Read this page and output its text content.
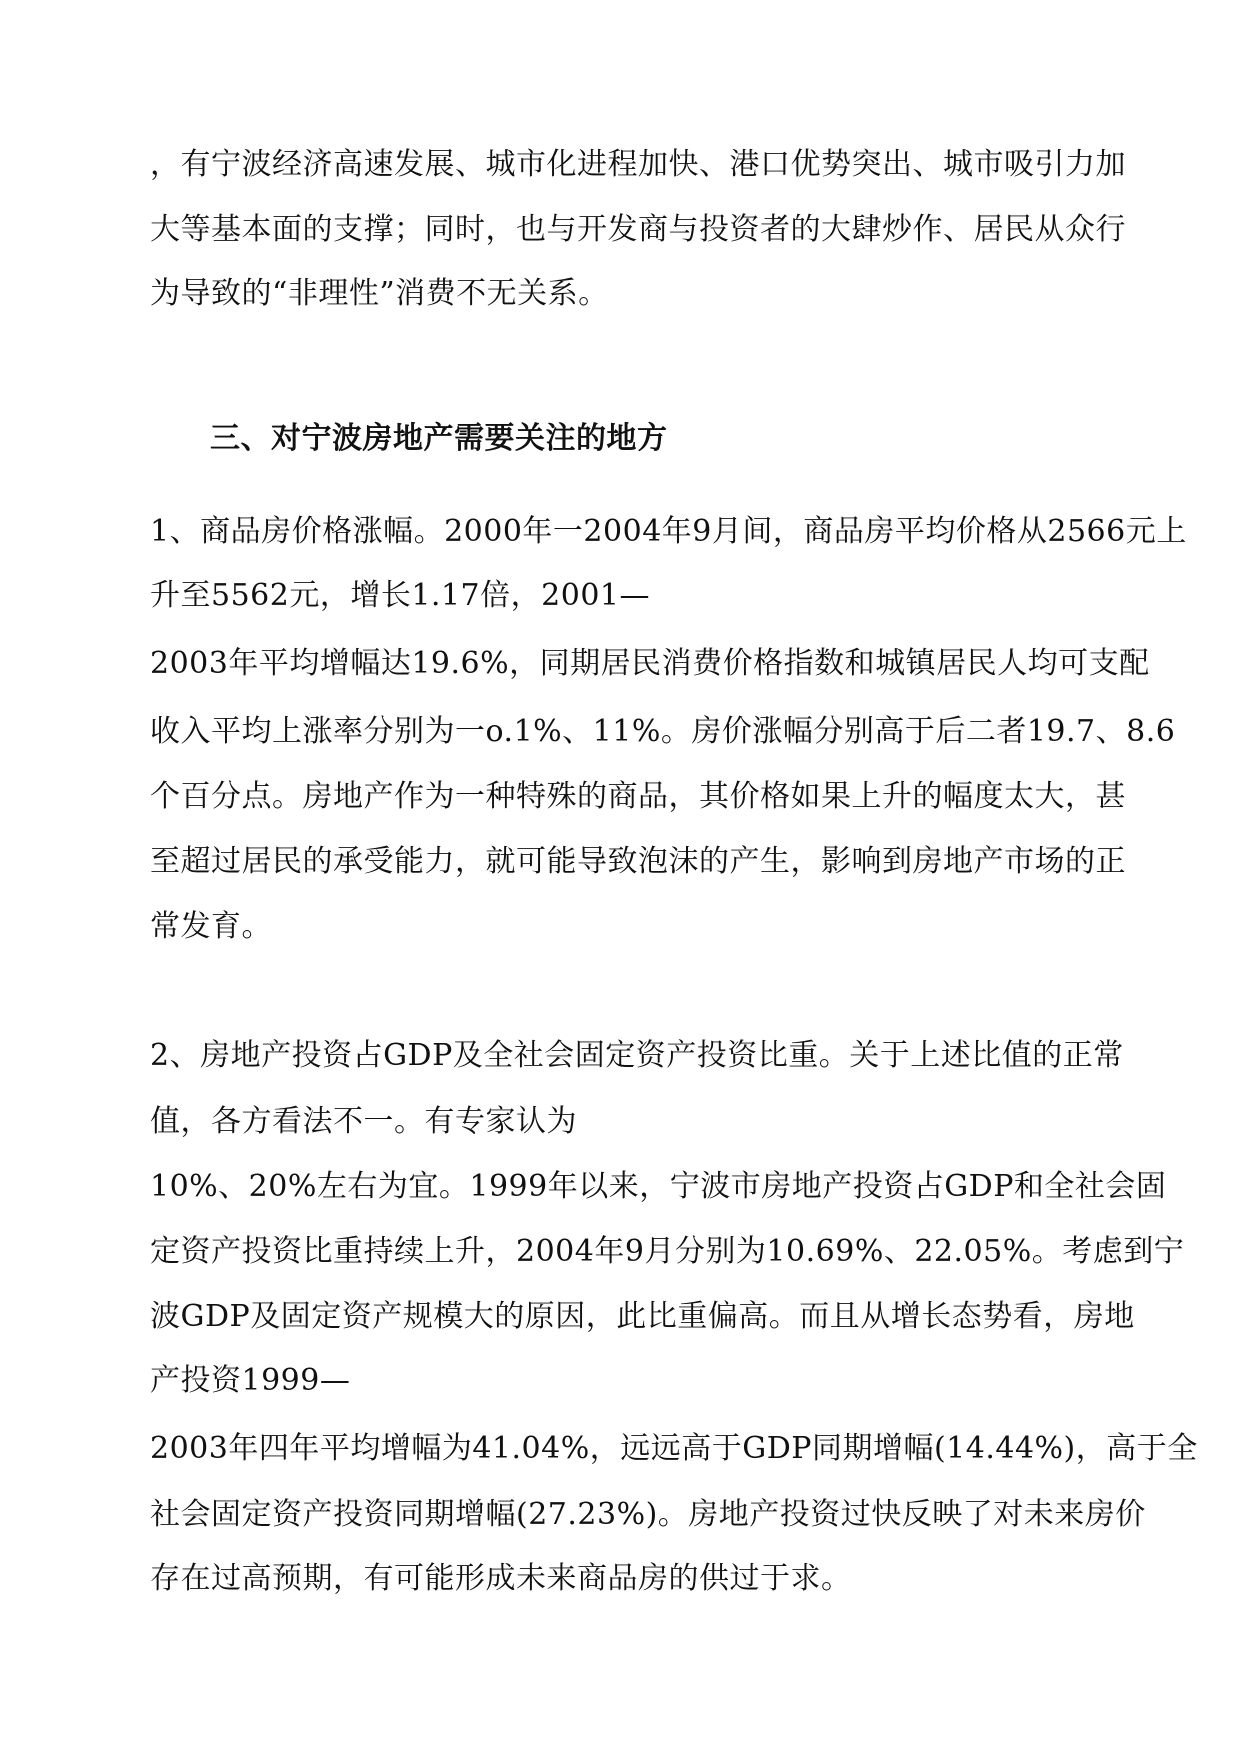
，有宁波经济高速发展、城市化进程加快、港口优势突出、城市吸引力加
大等基本面的支撑；同时，也与开发商与投资者的大肆炒作、居民从众行
为导致的“非理性”消费不无关系。
三、对宁波房地产需要关注的地方
1、商品房价格涨幅。2000年一2004年9月间，商品房平均价格从2566元上
升至5562元，增长1.17倍，2001—
2003年平均增幅达19.6%，同期居民消费价格指数和城镇居民人均可支配
收入平均上涨率分别为一o.1%、11%。房价涨幅分别高于后二者19.7、8.6
个百分点。房地产作为一种特殊的商品，其价格如果上升的幅度太大，甚
至超过居民的承受能力，就可能导致泡沫的产生，影响到房地产市场的正
常发育。
2、房地产投资占GDP及全社会固定资产投资比重。关于上述比值的正常
值，各方看法不一。有专家认为
10%、20%左右为宜。1999年以来，宁波市房地产投资占GDP和全社会固
定资产投资比重持续上升，2004年9月分别为10.69%、22.05%。考虑到宁
波GDP及固定资产规模大的原因，此比重偏高。而且从增长态势看，房地
产投资1999—
2003年四年平均增幅为41.04%，远远高于GDP同期增幅(14.44%)，高于全
社会固定资产投资同期增幅(27.23%)。房地产投资过快反映了对未来房价
存在过高预期，有可能形成未来商品房的供过于求。
